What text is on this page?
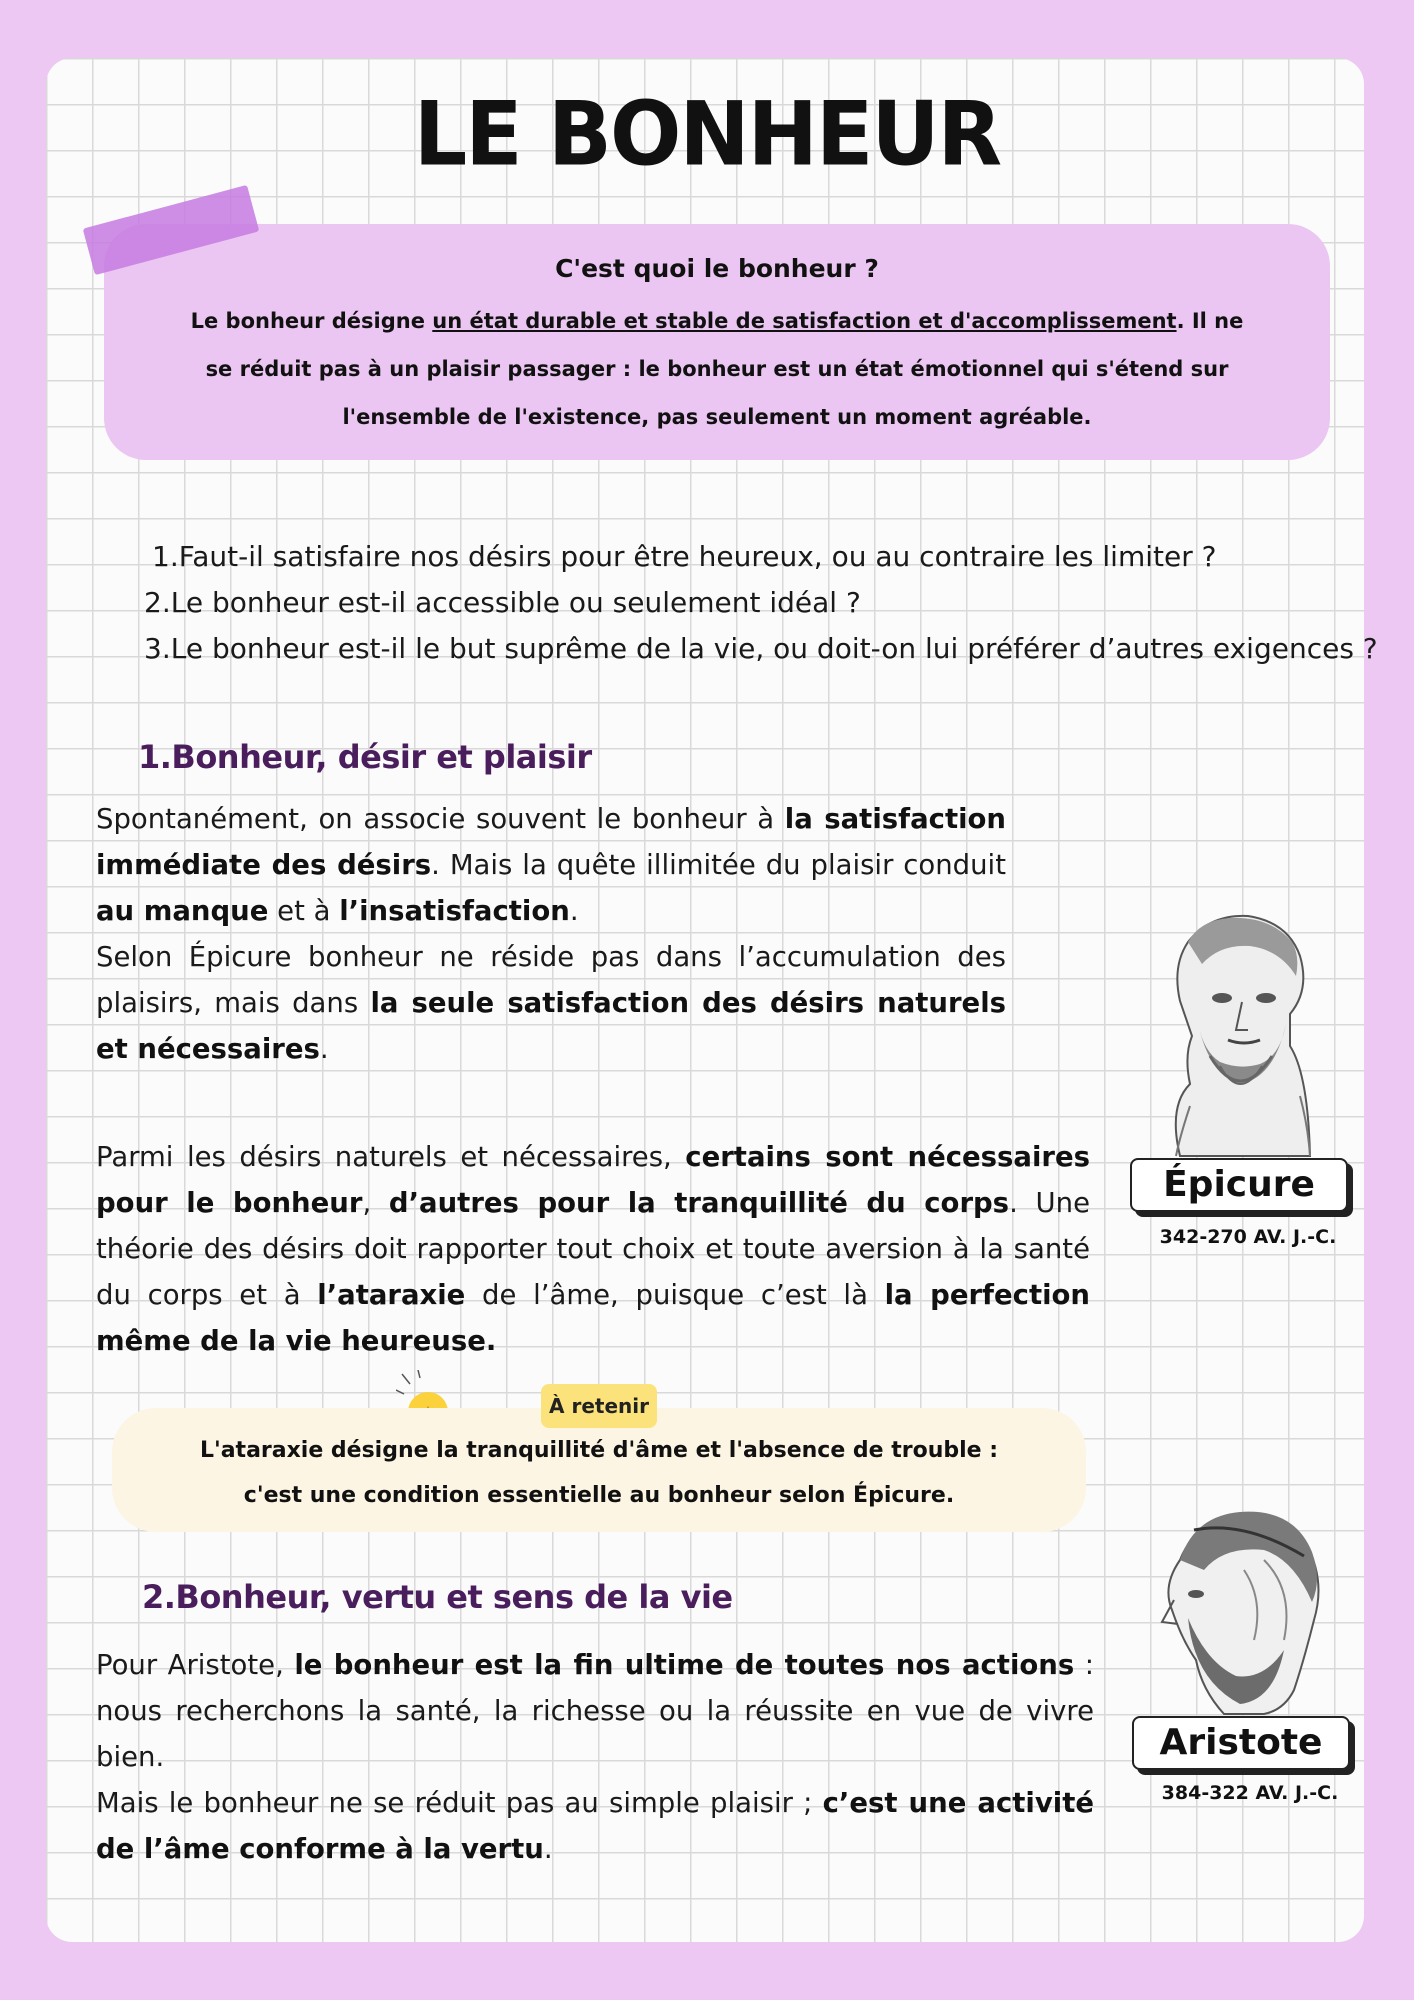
LE BONHEUR
C'est quoi le bonheur ?
Le bonheur désigne un état durable et stable de satisfaction et d'accomplissement. Il ne se réduit pas à un plaisir passager : le bonheur est un état émotionnel qui s'étend sur l'ensemble de l'existence, pas seulement un moment agréable.
1.Faut-il satisfaire nos désirs pour être heureux, ou au contraire les limiter ?
2.Le bonheur est-il accessible ou seulement idéal ?
3.Le bonheur est-il le but suprême de la vie, ou doit-on lui préférer d’autres exigences ?
1.Bonheur, désir et plaisir
Spontanément, on associe souvent le bonheur à la satisfaction immédiate des désirs. Mais la quête illimitée du plaisir conduit au manque et à l’insatisfaction.
Selon Épicure bonheur ne réside pas dans l’accumulation des plaisirs, mais dans la seule satisfaction des désirs naturels et nécessaires.
Parmi les désirs naturels et nécessaires, certains sont nécessaires pour le bonheur, d’autres pour la tranquillité du corps. Une théorie des désirs doit rapporter tout choix et toute aversion à la santé du corps et à l’ataraxie de l’âme, puisque c’est là la perfection même de la vie heureuse.
Épicure
342-270 AV. J.-C.
L'ataraxie désigne la tranquillité d'âme et l'absence de trouble : c'est une condition essentielle au bonheur selon Épicure.
À retenir
2.Bonheur, vertu et sens de la vie
Pour Aristote, le bonheur est la fin ultime de toutes nos actions : nous recherchons la santé, la richesse ou la réussite en vue de vivre bien.
Mais le bonheur ne se réduit pas au simple plaisir ; c’est une activité de l’âme conforme à la vertu.
Aristote
384-322 AV. J.-C.
